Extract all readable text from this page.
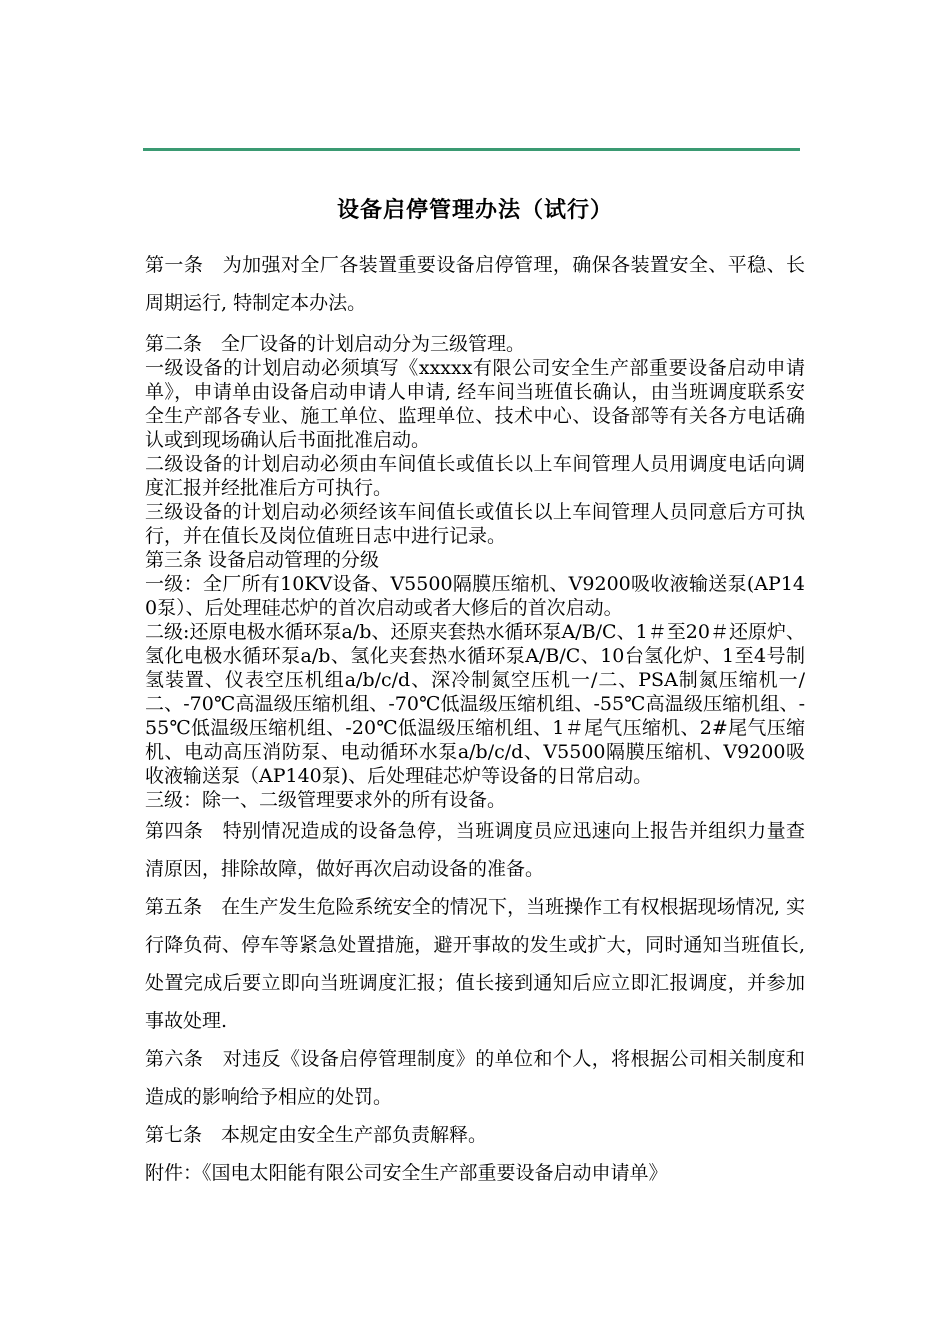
设备启停管理办法（试行）

第一条　为加强对全厂各装置重要设备启停管理，确保各装置安全、平稳、长周期运行, 特制定本办法。

第二条　全厂设备的计划启动分为三级管理。

一级设备的计划启动必须填写《xxxxx有限公司安全生产部重要设备启动申请单》，申请单由设备启动申请人申请, 经车间当班值长确认，由当班调度联系安全生产部各专业、施工单位、监理单位、技术中心、设备部等有关各方电话确认或到现场确认后书面批准启动。

二级设备的计划启动必须由车间值长或值长以上车间管理人员用调度电话向调度汇报并经批准后方可执行。

三级设备的计划启动必须经该车间值长或值长以上车间管理人员同意后方可执行，并在值长及岗位值班日志中进行记录。

第三条 设备启动管理的分级

一级：全厂所有10KV设备、V5500隔膜压缩机、V9200吸收液输送泵(AP140泵）、后处理硅芯炉的首次启动或者大修后的首次启动。

二级:还原电极水循环泵a/b、还原夹套热水循环泵A/B/C、1＃至20＃还原炉、氢化电极水循环泵a/b、氢化夹套热水循环泵A/B/C、10台氢化炉、1至4号制氢装置、仪表空压机组a/b/c/d、深冷制氮空压机一/二、PSA制氮压缩机一/二、-70℃高温级压缩机组、-70℃低温级压缩机组、-55℃高温级压缩机组、-55℃低温级压缩机组、-20℃低温级压缩机组、1＃尾气压缩机、2#尾气压缩机、电动高压消防泵、电动循环水泵a/b/c/d、V5500隔膜压缩机、V9200吸收液输送泵（AP140泵)、后处理硅芯炉等设备的日常启动。

三级：除一、二级管理要求外的所有设备。

第四条　特别情况造成的设备急停，当班调度员应迅速向上报告并组织力量查清原因，排除故障，做好再次启动设备的准备。

第五条　在生产发生危险系统安全的情况下，当班操作工有权根据现场情况, 实行降负荷、停车等紧急处置措施，避开事故的发生或扩大，同时通知当班值长, 处置完成后要立即向当班调度汇报；值长接到通知后应立即汇报调度，并参加事故处理.

第六条　对违反《设备启停管理制度》的单位和个人，将根据公司相关制度和造成的影响给予相应的处罚。

第七条　本规定由安全生产部负责解释。

附件：《国电太阳能有限公司安全生产部重要设备启动申请单》
